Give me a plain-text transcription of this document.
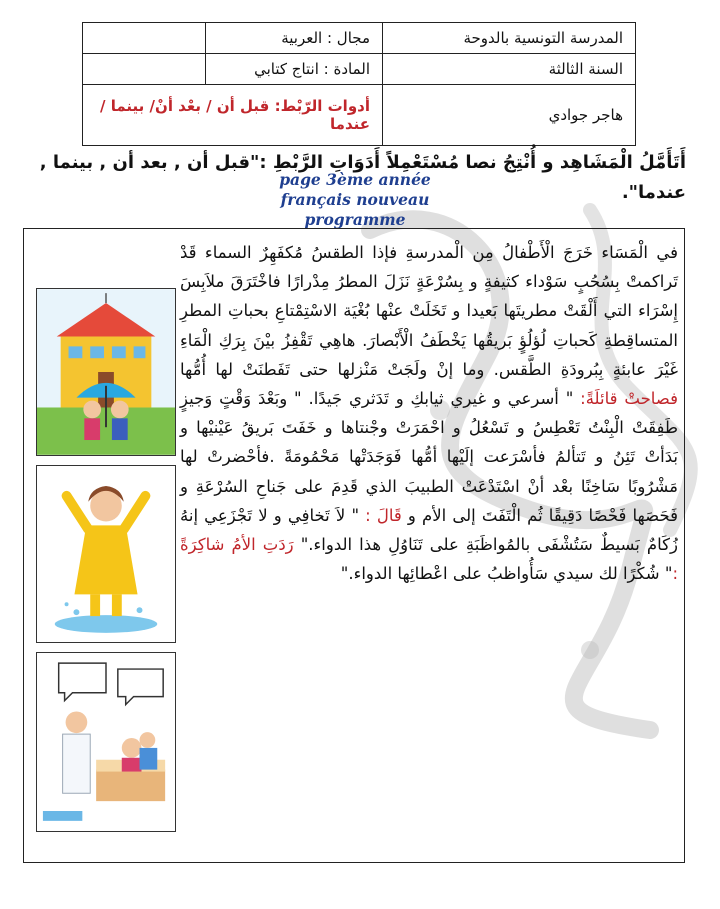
المدرسة التونسية بالدوحة	مجال : العربية	
السنة الثالثة	المادة : انتاج كتابي	
هاجر جوادي	أدوات الرّبْط: قبل أن / بعْد أنْ/ بينما / عندما	
أَتَأَمَّلُ الْمَشَاهِد و أُنْتِجُ نصا مُسْتَعْمِلاً أَدَوَاتِ الرَّبْطِ :"قبل أن , بعد أن , بينما , عندما".
page 3ème année
français nouveau
programme
في الْمَسَاء خَرَجَ الْأَطْفالُ مِن الْمدرسةِ فإذا الطقسُ مُكفَهِرٌ السماء قَدْ تَراكمتْ بِسُحُبٍ سَوْداء كثيفةٍ و بِسُرْعَةٍ نَزَلَ المطرُ مِدْرارًا فاخْتَرَقَ ملاَبِسَ إِسْرَاء التي أَلْقَتْ مطريتَها بَعيدا و تَخَلَتْ عنْها بُغْيَة الاسْتِمْتاعِ بحباتِ المطرِ المتساقِطةِ كَحباتِ لُؤلُؤٍ بَريقُها يَخْطَفُ الْأَبْصارَ. هاهِي تَقْفِزُ بيْنَ بِرَكِ الْمَاءِ غَيْرَ عابئةٍ بِبُرودَةِ الطَّقس. وما إنْ ولَجَتْ مَنْزلها حتى تَفَطنَتْ لها أُمُّها فصاحتْ قائلَةً: " أسرعي و غيري ثيابكِ و تَدَثري جَيدًا. " وبَعْدَ وَقْتٍ وَجيزٍ طَفِقَتْ الْبِنْتُ تَعْطِسُ و تَسْعُلُ و احْمَرَتْ وجْنتاها و خَفَتَ بَريقُ عَيْنيْها و بَدَأتْ تَئِنُ و تَتألمُ فأسْرَعت إلَيْها أمُّها فَوَجَدَتْها مَحْمُومَةً .فأحْضرتْ لها مَشْرُوبًا سَاخِنًا بعْد أنْ اسْتَدْعَتْ الطبيبَ الذي قَدِمَ على جَناحِ السُرْعَةِ و فَحَصَها فَحْصًا دَقِيقًا ثُم الْتَفَتَ إلى الأم و قَالَ : " لاَ تَخافِي و لا تَجْزَعِي إنهُ زُكَامٌ بَسيطٌ سَتُشْفَى بالمُواظَبَةِ على تَنَاوُلِ هذا الدواء." رَدَتِ الأمُ شاكِرَةً :" شُكْرًا لك سيدي سَأُواظبُ على اعْطائِها الدواء."
